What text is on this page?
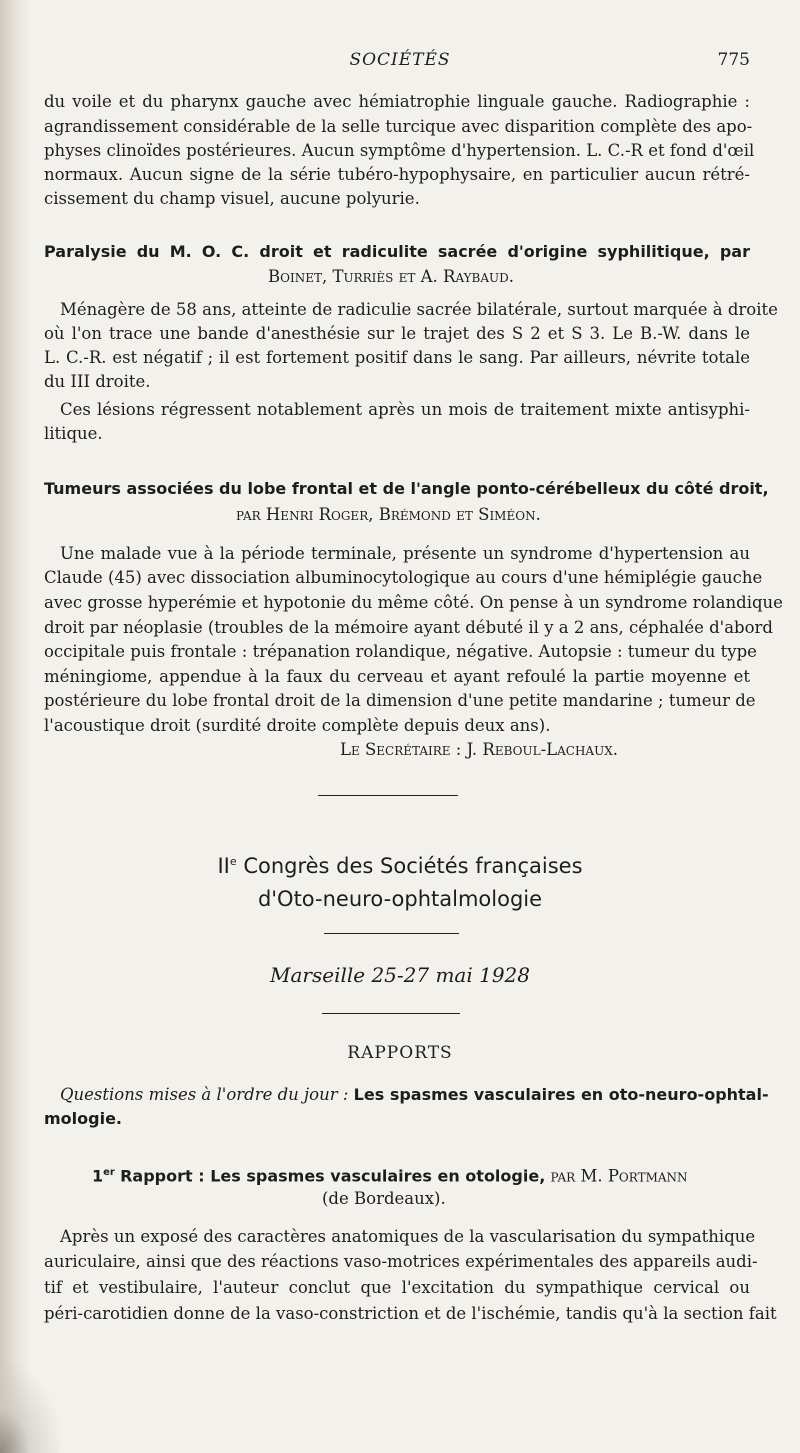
SOCIÉTÉS	775
du voile et du pharynx gauche avec hémiatrophie linguale gauche. Radiographie :
agrandissement considérable de la selle turcique avec disparition complète des apo-
physes clinoïdes postérieures. Aucun symptôme d'hypertension. L. C.-R et fond d'œil
normaux. Aucun signe de la série tubéro-hypophysaire, en particulier aucun rétré-
cissement du champ visuel, aucune polyurie.
Paralysie du M. O. C. droit et radiculite sacrée d'origine syphilitique, par
Boinet, Turriès et A. Raybaud.
Ménagère de 58 ans, atteinte de radiculie sacrée bilatérale, surtout marquée à droite
où l'on trace une bande d'anesthésie sur le trajet des S 2 et S 3. Le B.-W. dans le
L. C.-R. est négatif ; il est fortement positif dans le sang. Par ailleurs, névrite totale
du III droite.
Ces lésions régressent notablement après un mois de traitement mixte antisyphi-
litique.
Tumeurs associées du lobe frontal et de l'angle ponto-cérébelleux du côté droit,
par Henri Roger, Brémond et Siméon.
Une malade vue à la période terminale, présente un syndrome d'hypertension au
Claude (45) avec dissociation albuminocytologique au cours d'une hémiplégie gauche
avec grosse hyperémie et hypotonie du même côté. On pense à un syndrome rolandique
droit par néoplasie (troubles de la mémoire ayant débuté il y a 2 ans, céphalée d'abord
occipitale puis frontale : trépanation rolandique, négative. Autopsie : tumeur du type
méningiome, appendue à la faux du cerveau et ayant refoulé la partie moyenne et
postérieure du lobe frontal droit de la dimension d'une petite mandarine ; tumeur de
l'acoustique droit (surdité droite complète depuis deux ans).
Le Secrétaire : J. Reboul-Lachaux.
IIe Congrès des Sociétés françaises
d'Oto-neuro-ophtalmologie
Marseille 25-27 mai 1928
RAPPORTS
Questions mises à l'ordre du jour : Les spasmes vasculaires en oto-neuro-ophtal-
mologie.
1er Rapport : Les spasmes vasculaires en otologie, par M. Portmann
(de Bordeaux).
Après un exposé des caractères anatomiques de la vascularisation du sympathique
auriculaire, ainsi que des réactions vaso-motrices expérimentales des appareils audi-
tif et vestibulaire, l'auteur conclut que l'excitation du sympathique cervical ou
péri-carotidien donne de la vaso-constriction et de l'ischémie, tandis qu'à la section fait
